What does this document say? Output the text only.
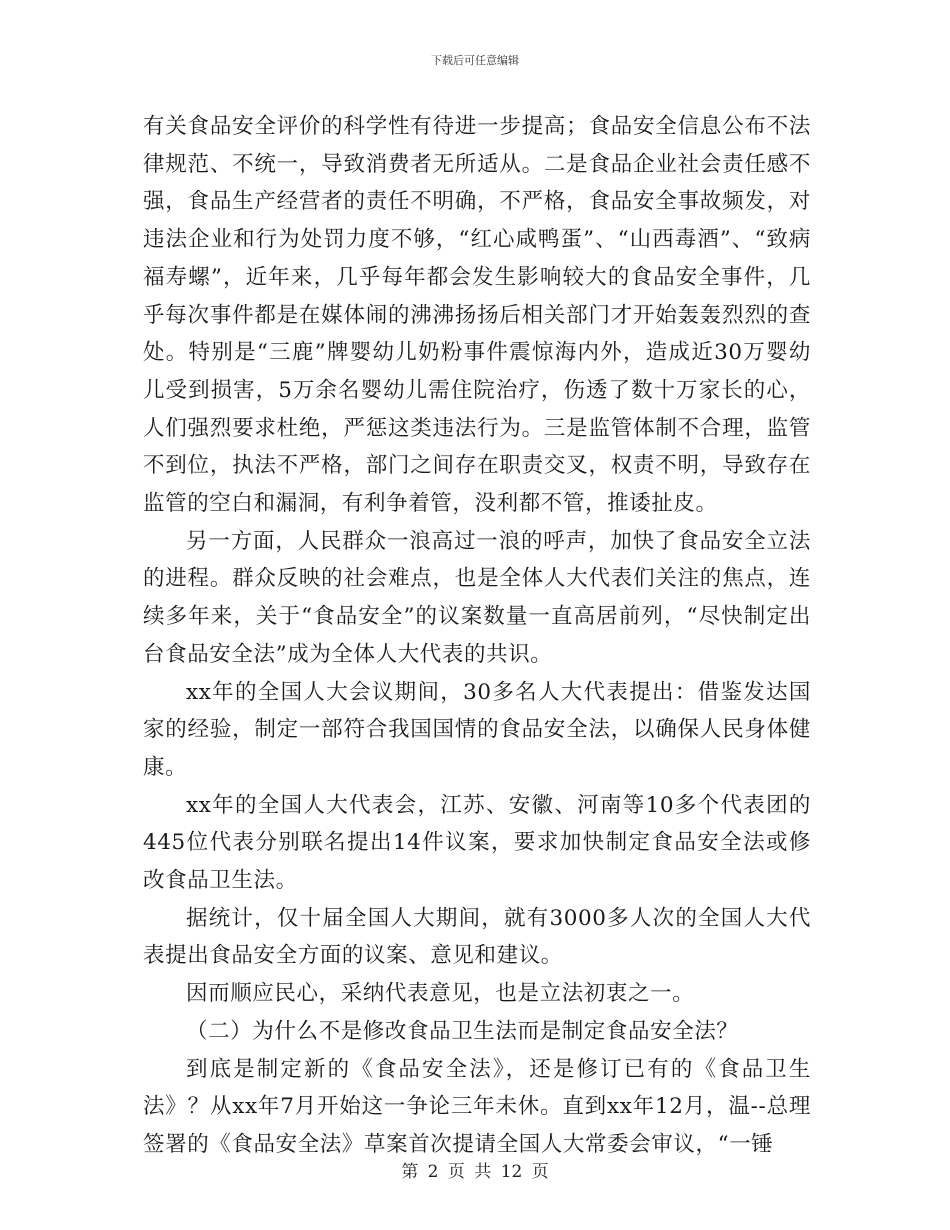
下载后可任意编辑

有关食品安全评价的科学性有待进一步提高；食品安全信息公布不法律规范、不统一，导致消费者无所适从。二是食品企业社会责任感不强，食品生产经营者的责任不明确，不严格，食品安全事故频发，对违法企业和行为处罚力度不够，“红心咸鸭蛋”、“山西毒酒”、“致病福寿螺”，近年来，几乎每年都会发生影响较大的食品安全事件，几乎每次事件都是在媒体闹的沸沸扬扬后相关部门才开始轰轰烈烈的查处。特别是“三鹿”牌婴幼儿奶粉事件震惊海内外，造成近30万婴幼儿受到损害，5万余名婴幼儿需住院治疗，伤透了数十万家长的心，人们强烈要求杜绝，严惩这类违法行为。三是监管体制不合理，监管不到位，执法不严格，部门之间存在职责交叉，权责不明，导致存在监管的空白和漏洞，有利争着管，没利都不管，推诿扯皮。

另一方面，人民群众一浪高过一浪的呼声，加快了食品安全立法的进程。群众反映的社会难点，也是全体人大代表们关注的焦点，连续多年来，关于“食品安全”的议案数量一直高居前列，“尽快制定出台食品安全法”成为全体人大代表的共识。

xx年的全国人大会议期间，30多名人大代表提出：借鉴发达国家的经验，制定一部符合我国国情的食品安全法，以确保人民身体健康。

xx年的全国人大代表会，江苏、安徽、河南等10多个代表团的445位代表分别联名提出14件议案，要求加快制定食品安全法或修改食品卫生法。

据统计，仅十届全国人大期间，就有3000多人次的全国人大代表提出食品安全方面的议案、意见和建议。

因而顺应民心，采纳代表意见，也是立法初衷之一。

（二）为什么不是修改食品卫生法而是制定食品安全法？

到底是制定新的《食品安全法》，还是修订已有的《食品卫生法》？从xx年7月开始这一争论三年未休。直到xx年12月，温--总理签署的《食品安全法》草案首次提请全国人大常委会审议，“一锤

第 2 页 共 12 页
